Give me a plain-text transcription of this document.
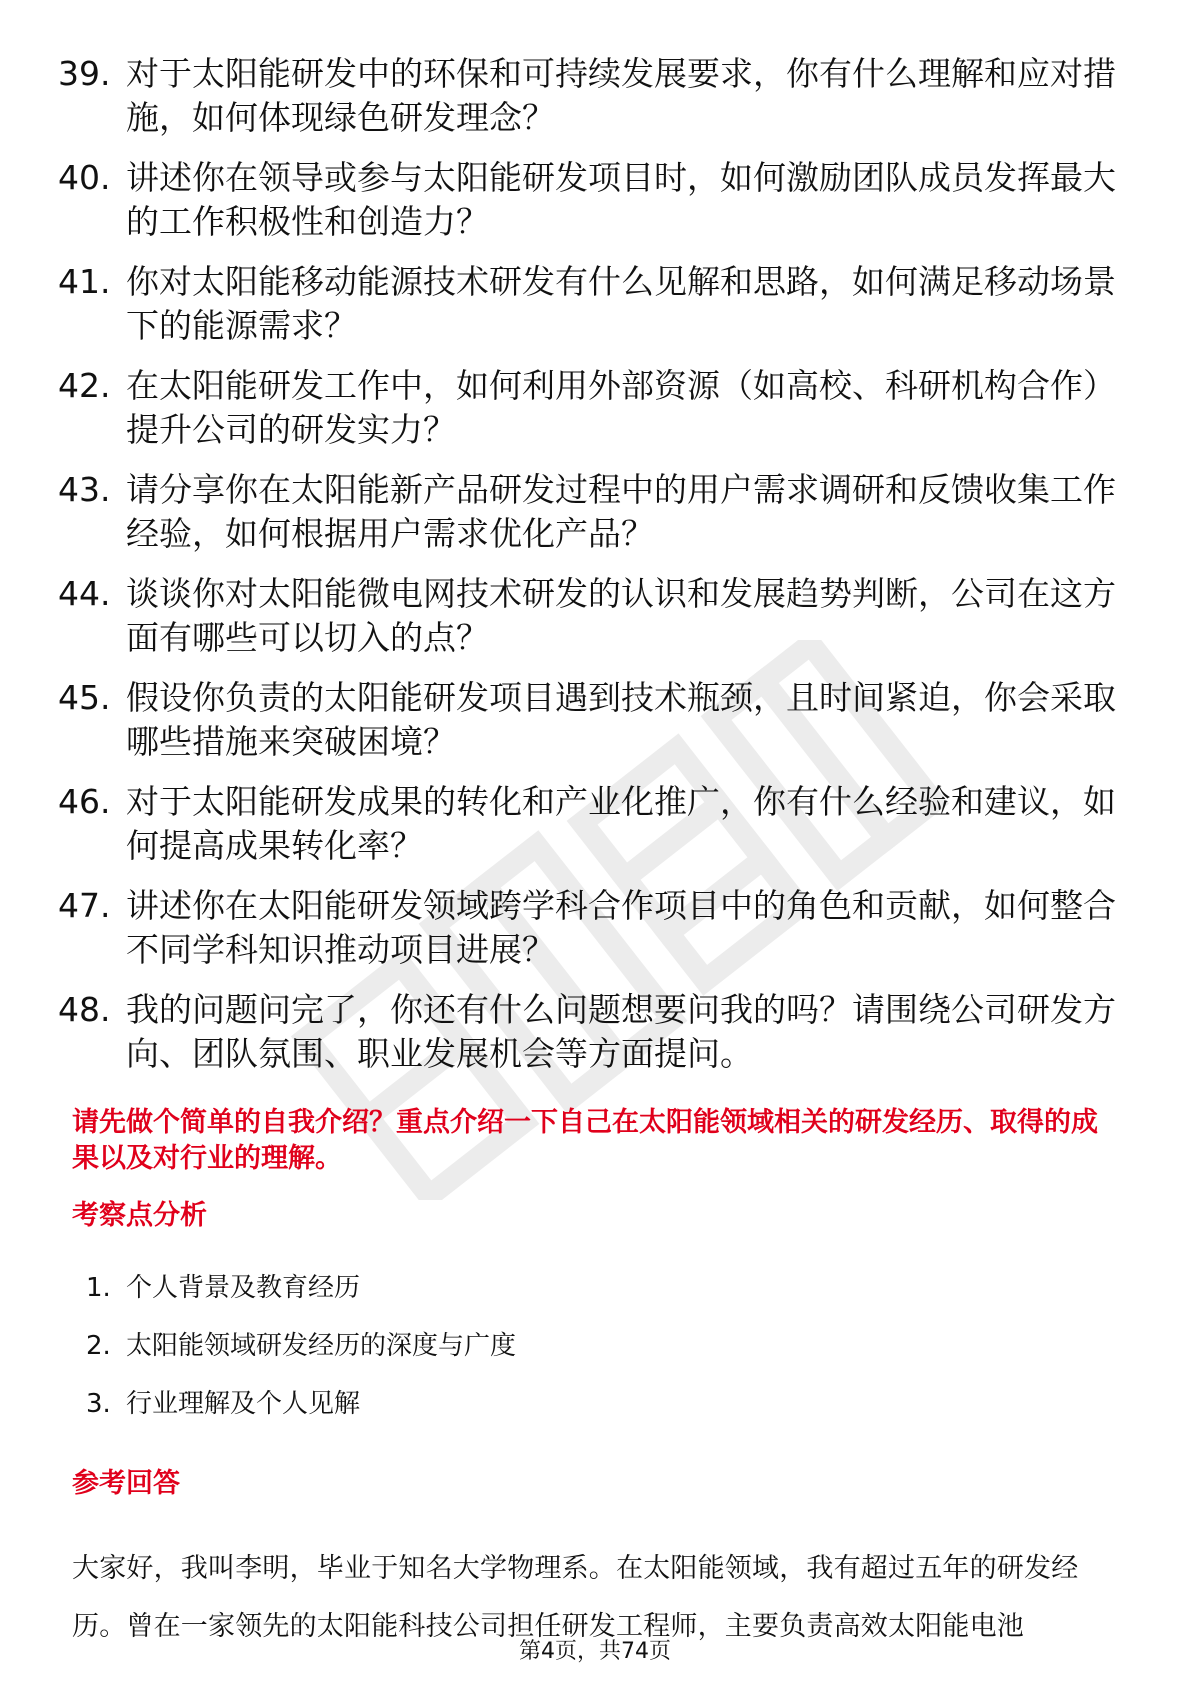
39. 对于太阳能研发中的环保和可持续发展要求，你有什么理解和应对措施，如何体现绿色研发理念？
40. 讲述你在领导或参与太阳能研发项目时，如何激励团队成员发挥最大的工作积极性和创造力？
41. 你对太阳能移动能源技术研发有什么见解和思路，如何满足移动场景下的能源需求？
42. 在太阳能研发工作中，如何利用外部资源（如高校、科研机构合作）提升公司的研发实力？
43. 请分享你在太阳能新产品研发过程中的用户需求调研和反馈收集工作经验，如何根据用户需求优化产品？
44. 谈谈你对太阳能微电网技术研发的认识和发展趋势判断，公司在这方面有哪些可以切入的点？
45. 假设你负责的太阳能研发项目遇到技术瓶颈，且时间紧迫，你会采取哪些措施来突破困境？
46. 对于太阳能研发成果的转化和产业化推广，你有什么经验和建议，如何提高成果转化率？
47. 讲述你在太阳能研发领域跨学科合作项目中的角色和贡献，如何整合不同学科知识推动项目进展？
48. 我的问题问完了，你还有什么问题想要问我的吗？请围绕公司研发方向、团队氛围、职业发展机会等方面提问。
请先做个简单的自我介绍？重点介绍一下自己在太阳能领域相关的研发经历、取得的成果以及对行业的理解。
考察点分析
1. 个人背景及教育经历
2. 太阳能领域研发经历的深度与广度
3. 行业理解及个人见解
参考回答
大家好，我叫李明，毕业于知名大学物理系。在太阳能领域，我有超过五年的研发经历。曾在一家领先的太阳能科技公司担任研发工程师，主要负责高效太阳能电池
第4页，共74页
